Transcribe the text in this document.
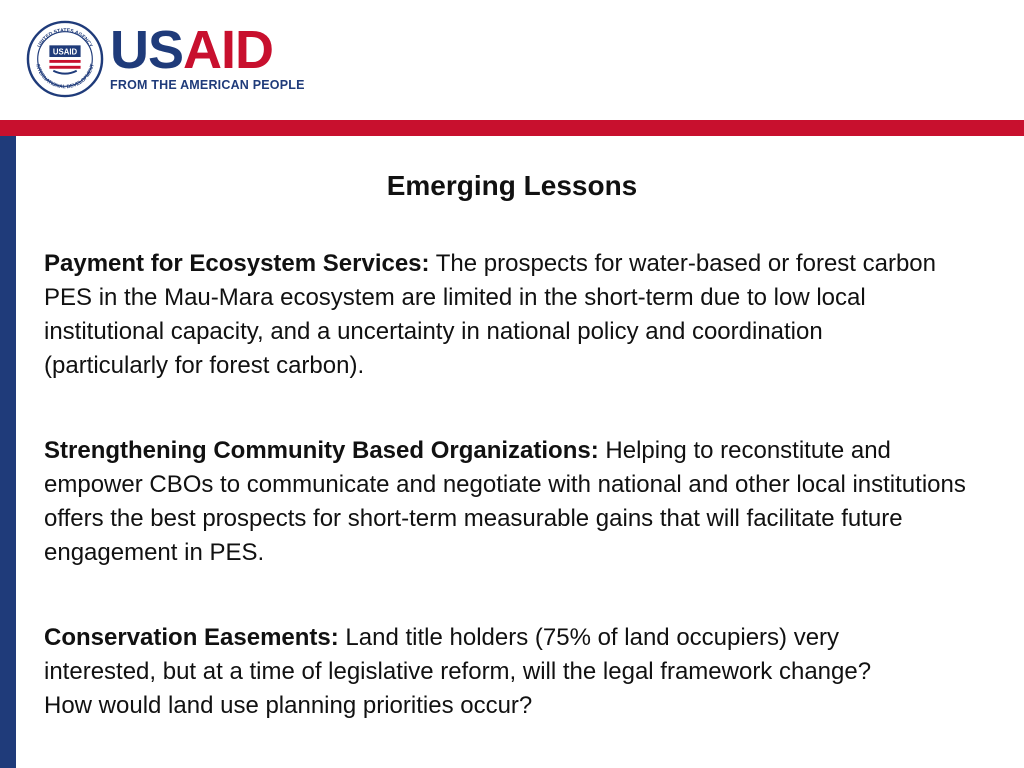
USAID
UNITED STATES AGENCY
INTERNATIONAL DEVELOPMENT USAID
FROM THE AMERICAN PEOPLE
Emerging Lessons
Payment for Ecosystem Services: The prospects for water-based or forest carbon PES in the Mau-Mara ecosystem are limited in the short-term due to low local institutional capacity, and a uncertainty in national policy and coordination (particularly for forest carbon).
Strengthening Community Based Organizations: Helping to reconstitute and empower CBOs to communicate and negotiate with national and other local institutions offers the best prospects for short-term measurable gains that will facilitate future engagement in PES.
Conservation Easements: Land title holders (75% of land occupiers) very interested, but at a time of legislative reform, will the legal framework change? How would land use planning priorities occur?
